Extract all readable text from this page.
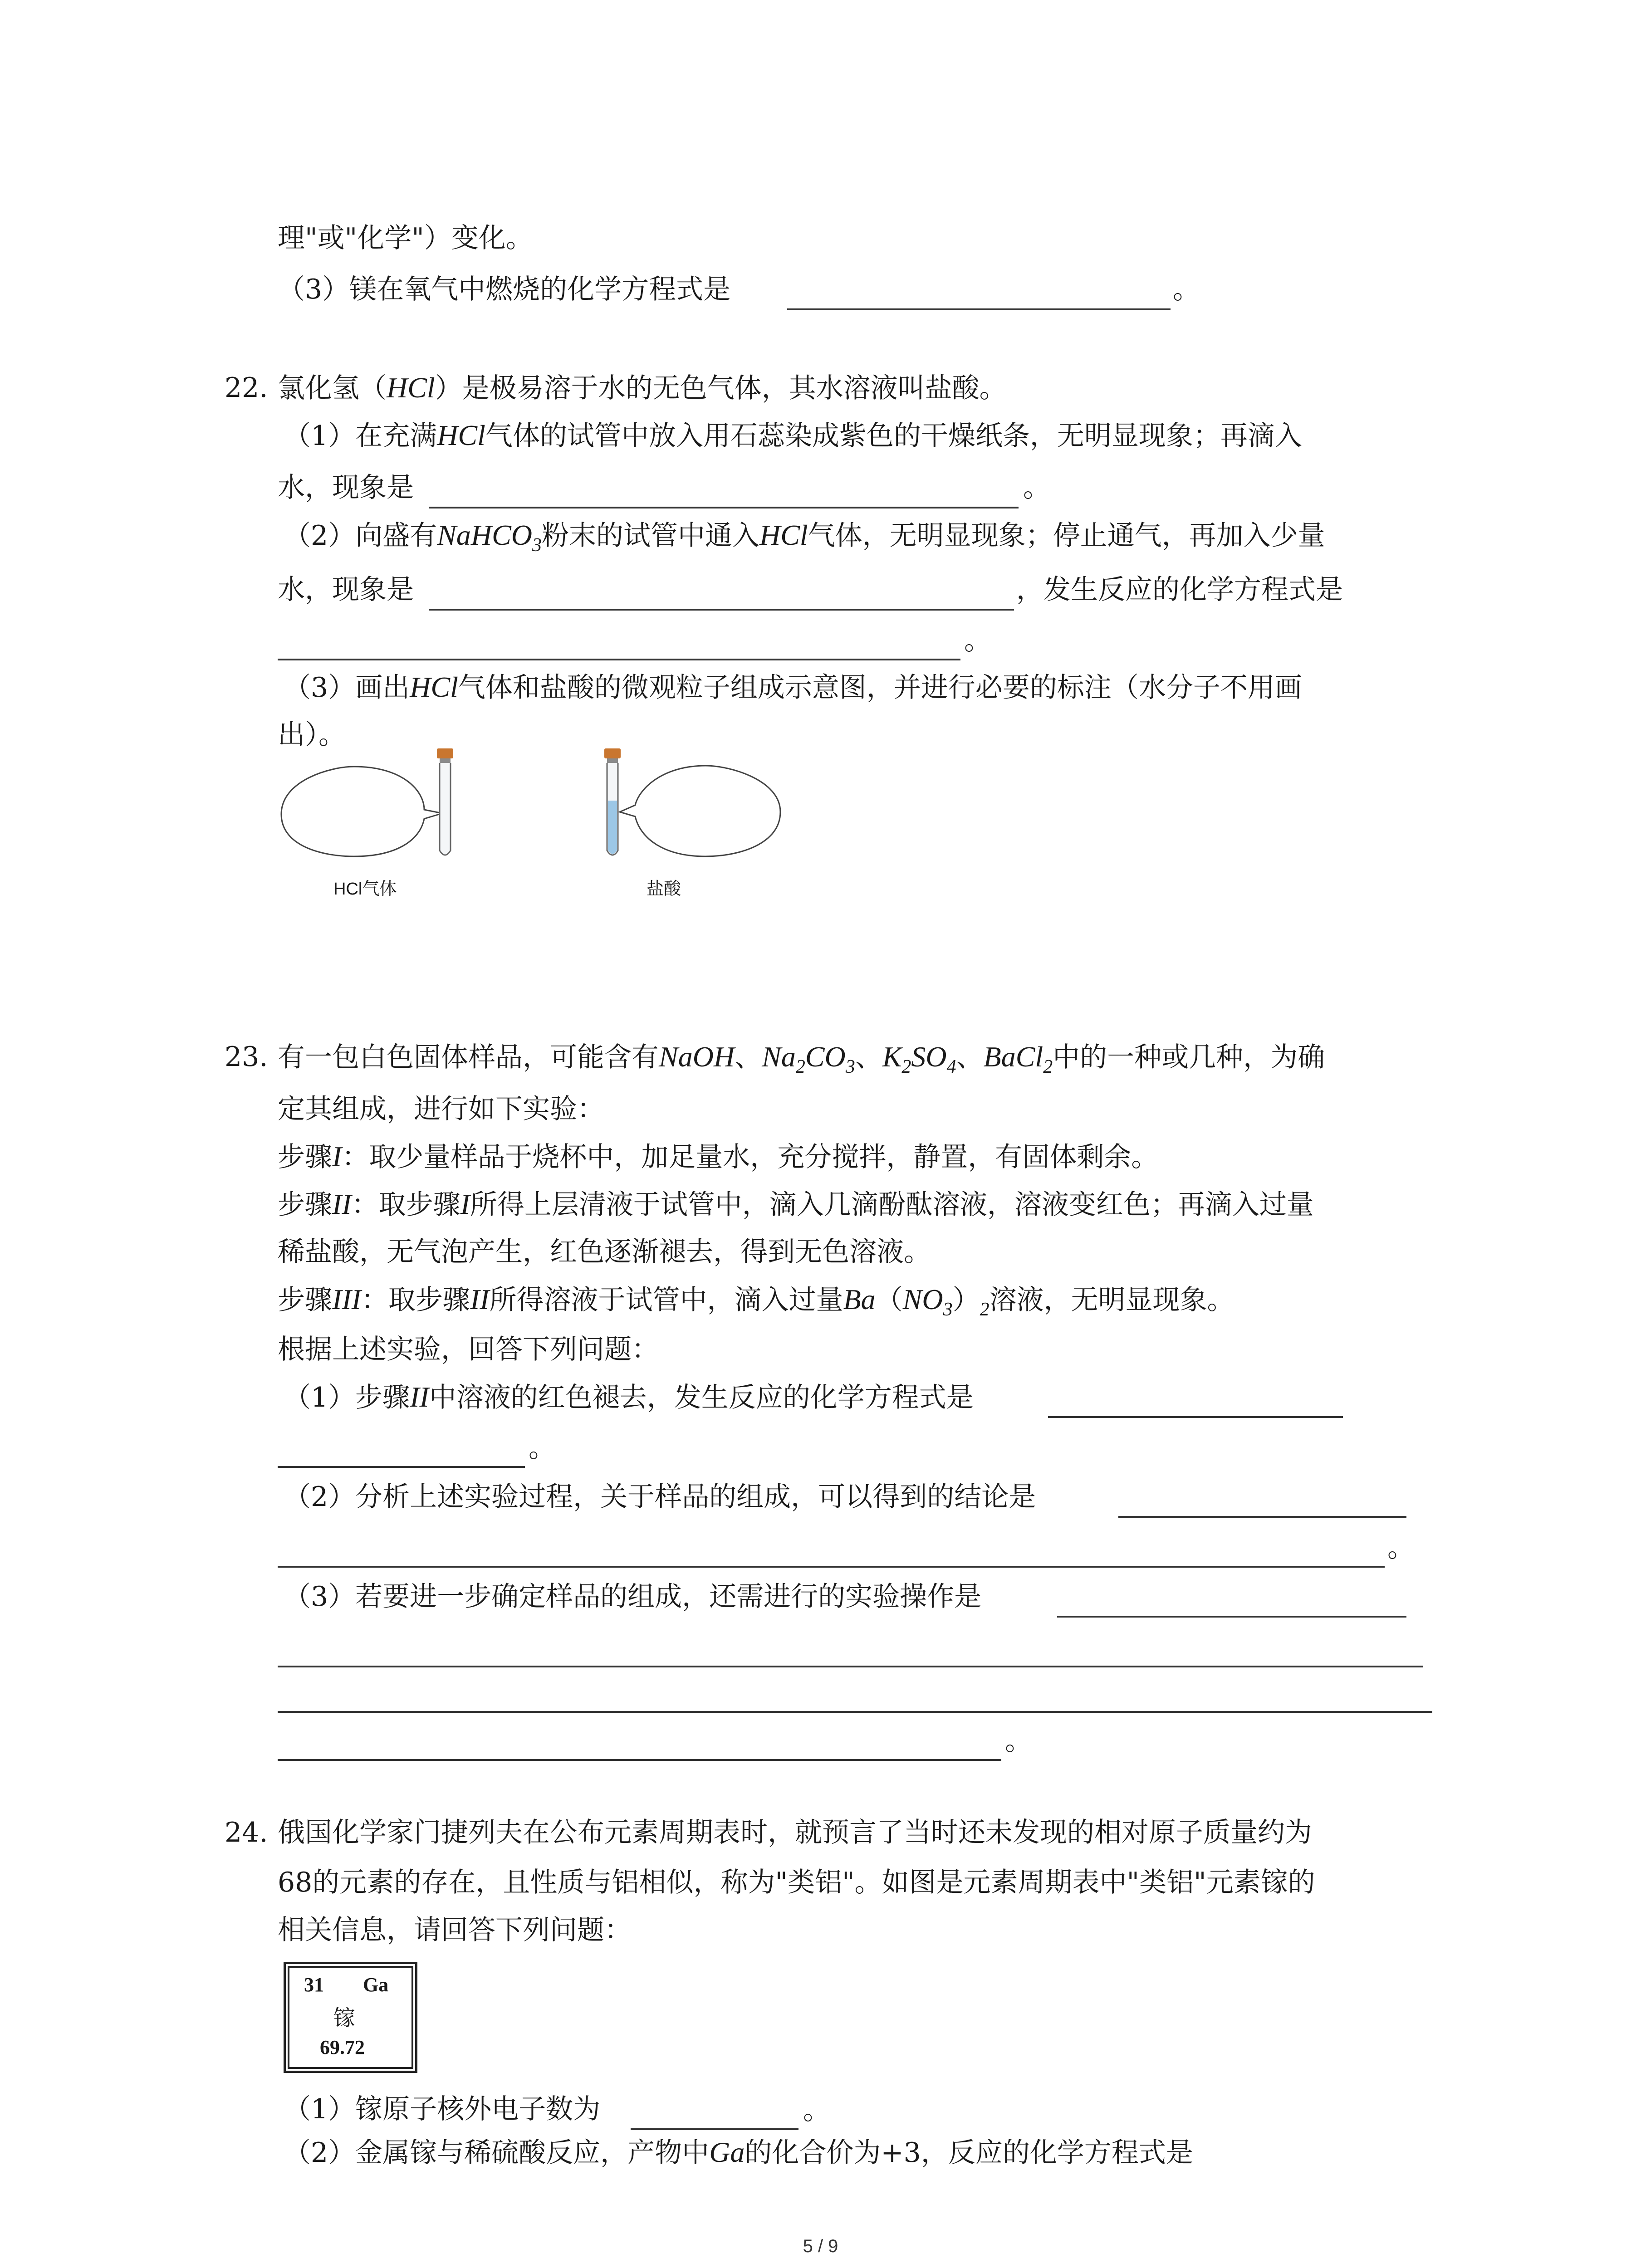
理"或"化学"）变化。
（3）镁在氧气中燃烧的化学方程式是	。
22. 氯化氢（HCl）是极易溶于水的无色气体，其水溶液叫盐酸。
（1）在充满HCl气体的试管中放入用石蕊染成紫色的干燥纸条，无明显现象；再滴入
水，现象是	。
（2）向盛有NaHCO$_3$粉末的试管中通入HCl气体，无明显现象；停止通气，再加入少量
水，现象是	，发生反应的化学方程式是
。
（3）画出HCl气体和盐酸的微观粒子组成示意图，并进行必要的标注（水分子不用画
出）。
HCl气体	盐酸
23. 有一包白色固体样品，可能含有NaOH、$Na_2CO_3$、$K_2SO_4$、BaCl$_2$中的一种或几种，为确
定其组成，进行如下实验：
步骤I：取少量样品于烧杯中，加足量水，充分搅拌，静置，有固体剩余。
步骤II：取步骤I所得上层清液于试管中，滴入几滴酚酞溶液，溶液变红色；再滴入过量
稀盐酸，无气泡产生，红色逐渐褪去，得到无色溶液。
步骤III：取步骤II所得溶液于试管中，滴入过量$Ba(NO_3)_2$溶液，无明显现象。
根据上述实验，回答下列问题：
（1）步骤II中溶液的红色褪去，发生反应的化学方程式是
。
（2）分析上述实验过程，关于样品的组成，可以得到的结论是
。
（3）若要进一步确定样品的组成，还需进行的实验操作是
。
24. 俄国化学家门捷列夫在公布元素周期表时，就预言了当时还未发现的相对原子质量约为
68的元素的存在，且性质与铝相似，称为"类铝"。如图是元素周期表中"类铝"元素镓的
相关信息，请回答下列问题：
31 Ga
镓
69.72
（1）镓原子核外电子数为	。
（2）金属镓与稀硫酸反应，产物中Ga的化合价为+3，反应的化学方程式是
5 / 9
